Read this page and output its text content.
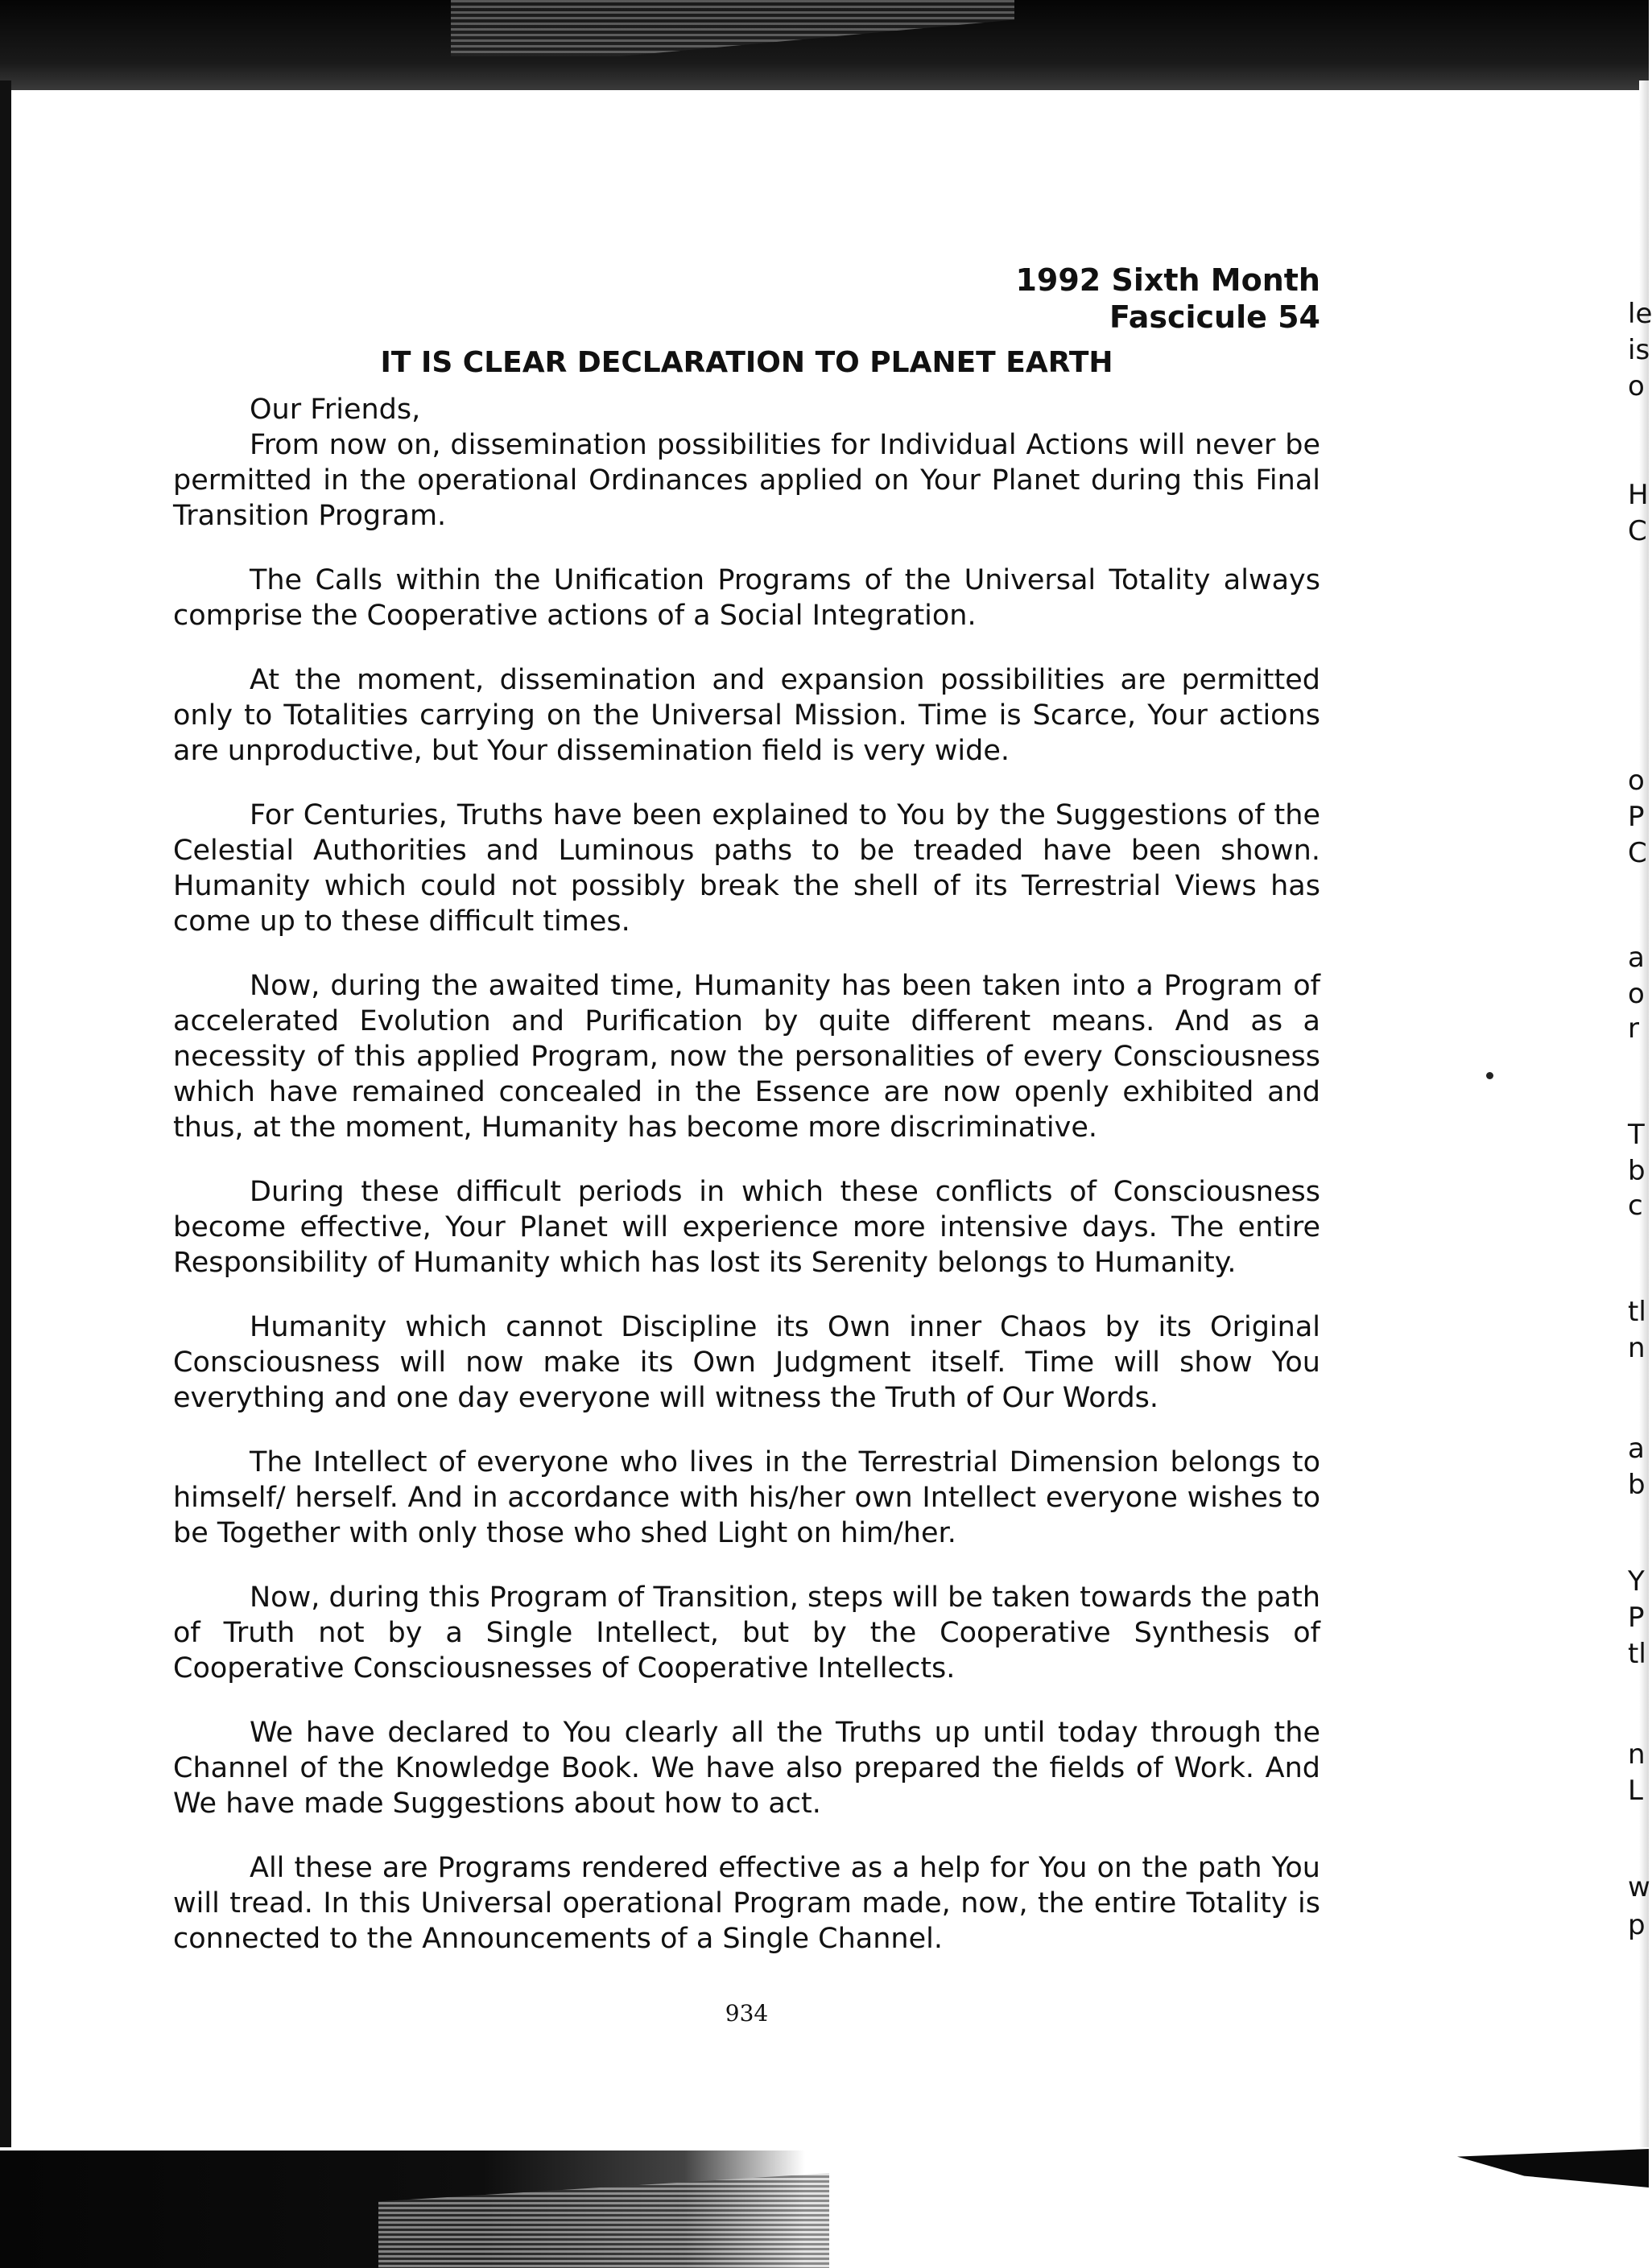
1992 Sixth Month
Fascicule 54
IT IS CLEAR DECLARATION TO PLANET EARTH
Our Friends,

From now on, dissemination possibilities for Individual Actions will never be permitted in the operational Ordinances applied on Your Planet during this Final Transition Program.

The Calls within the Unification Programs of the Universal Totality always comprise the Cooperative actions of a Social Integration.

At the moment, dissemination and expansion possibilities are permitted only to Totalities carrying on the Universal Mission. Time is Scarce, Your actions are unproductive, but Your dissemination field is very wide.

For Centuries, Truths have been explained to You by the Suggestions of the Celestial Authorities and Luminous paths to be treaded have been shown. Humanity which could not possibly break the shell of its Terrestrial Views has come up to these difficult times.

Now, during the awaited time, Humanity has been taken into a Program of accelerated Evolution and Purification by quite different means. And as a necessity of this applied Program, now the personalities of every Consciousness which have remained concealed in the Essence are now openly exhibited and thus, at the moment, Humanity has become more discriminative.

During these difficult periods in which these conflicts of Consciousness become effective, Your Planet will experience more intensive days. The entire Responsibility of Humanity which has lost its Serenity belongs to Humanity.

Humanity which cannot Discipline its Own inner Chaos by its Original Consciousness will now make its Own Judgment itself. Time will show You everything and one day everyone will witness the Truth of Our Words.

The Intellect of everyone who lives in the Terrestrial Dimension belongs to himself/ herself. And in accordance with his/her own Intellect everyone wishes to be Together with only those who shed Light on him/her.

Now, during this Program of Transition, steps will be taken towards the path of Truth not by a Single Intellect, but by the Cooperative Synthesis of Cooperative Consciousnesses of Cooperative Intellects.

We have declared to You clearly all the Truths up until today through the Channel of the Knowledge Book. We have also prepared the fields of Work. And We have made Suggestions about how to act.

All these are Programs rendered effective as a help for You on the path You will tread. In this Universal operational Program made, now, the entire Totality is connected to the Announcements of a Single Channel.

934
le
is
o
H
C
o
P
C
a
o
r
T
b
c
tl
n
a
b
Y
P
tl
n
L
w
p
